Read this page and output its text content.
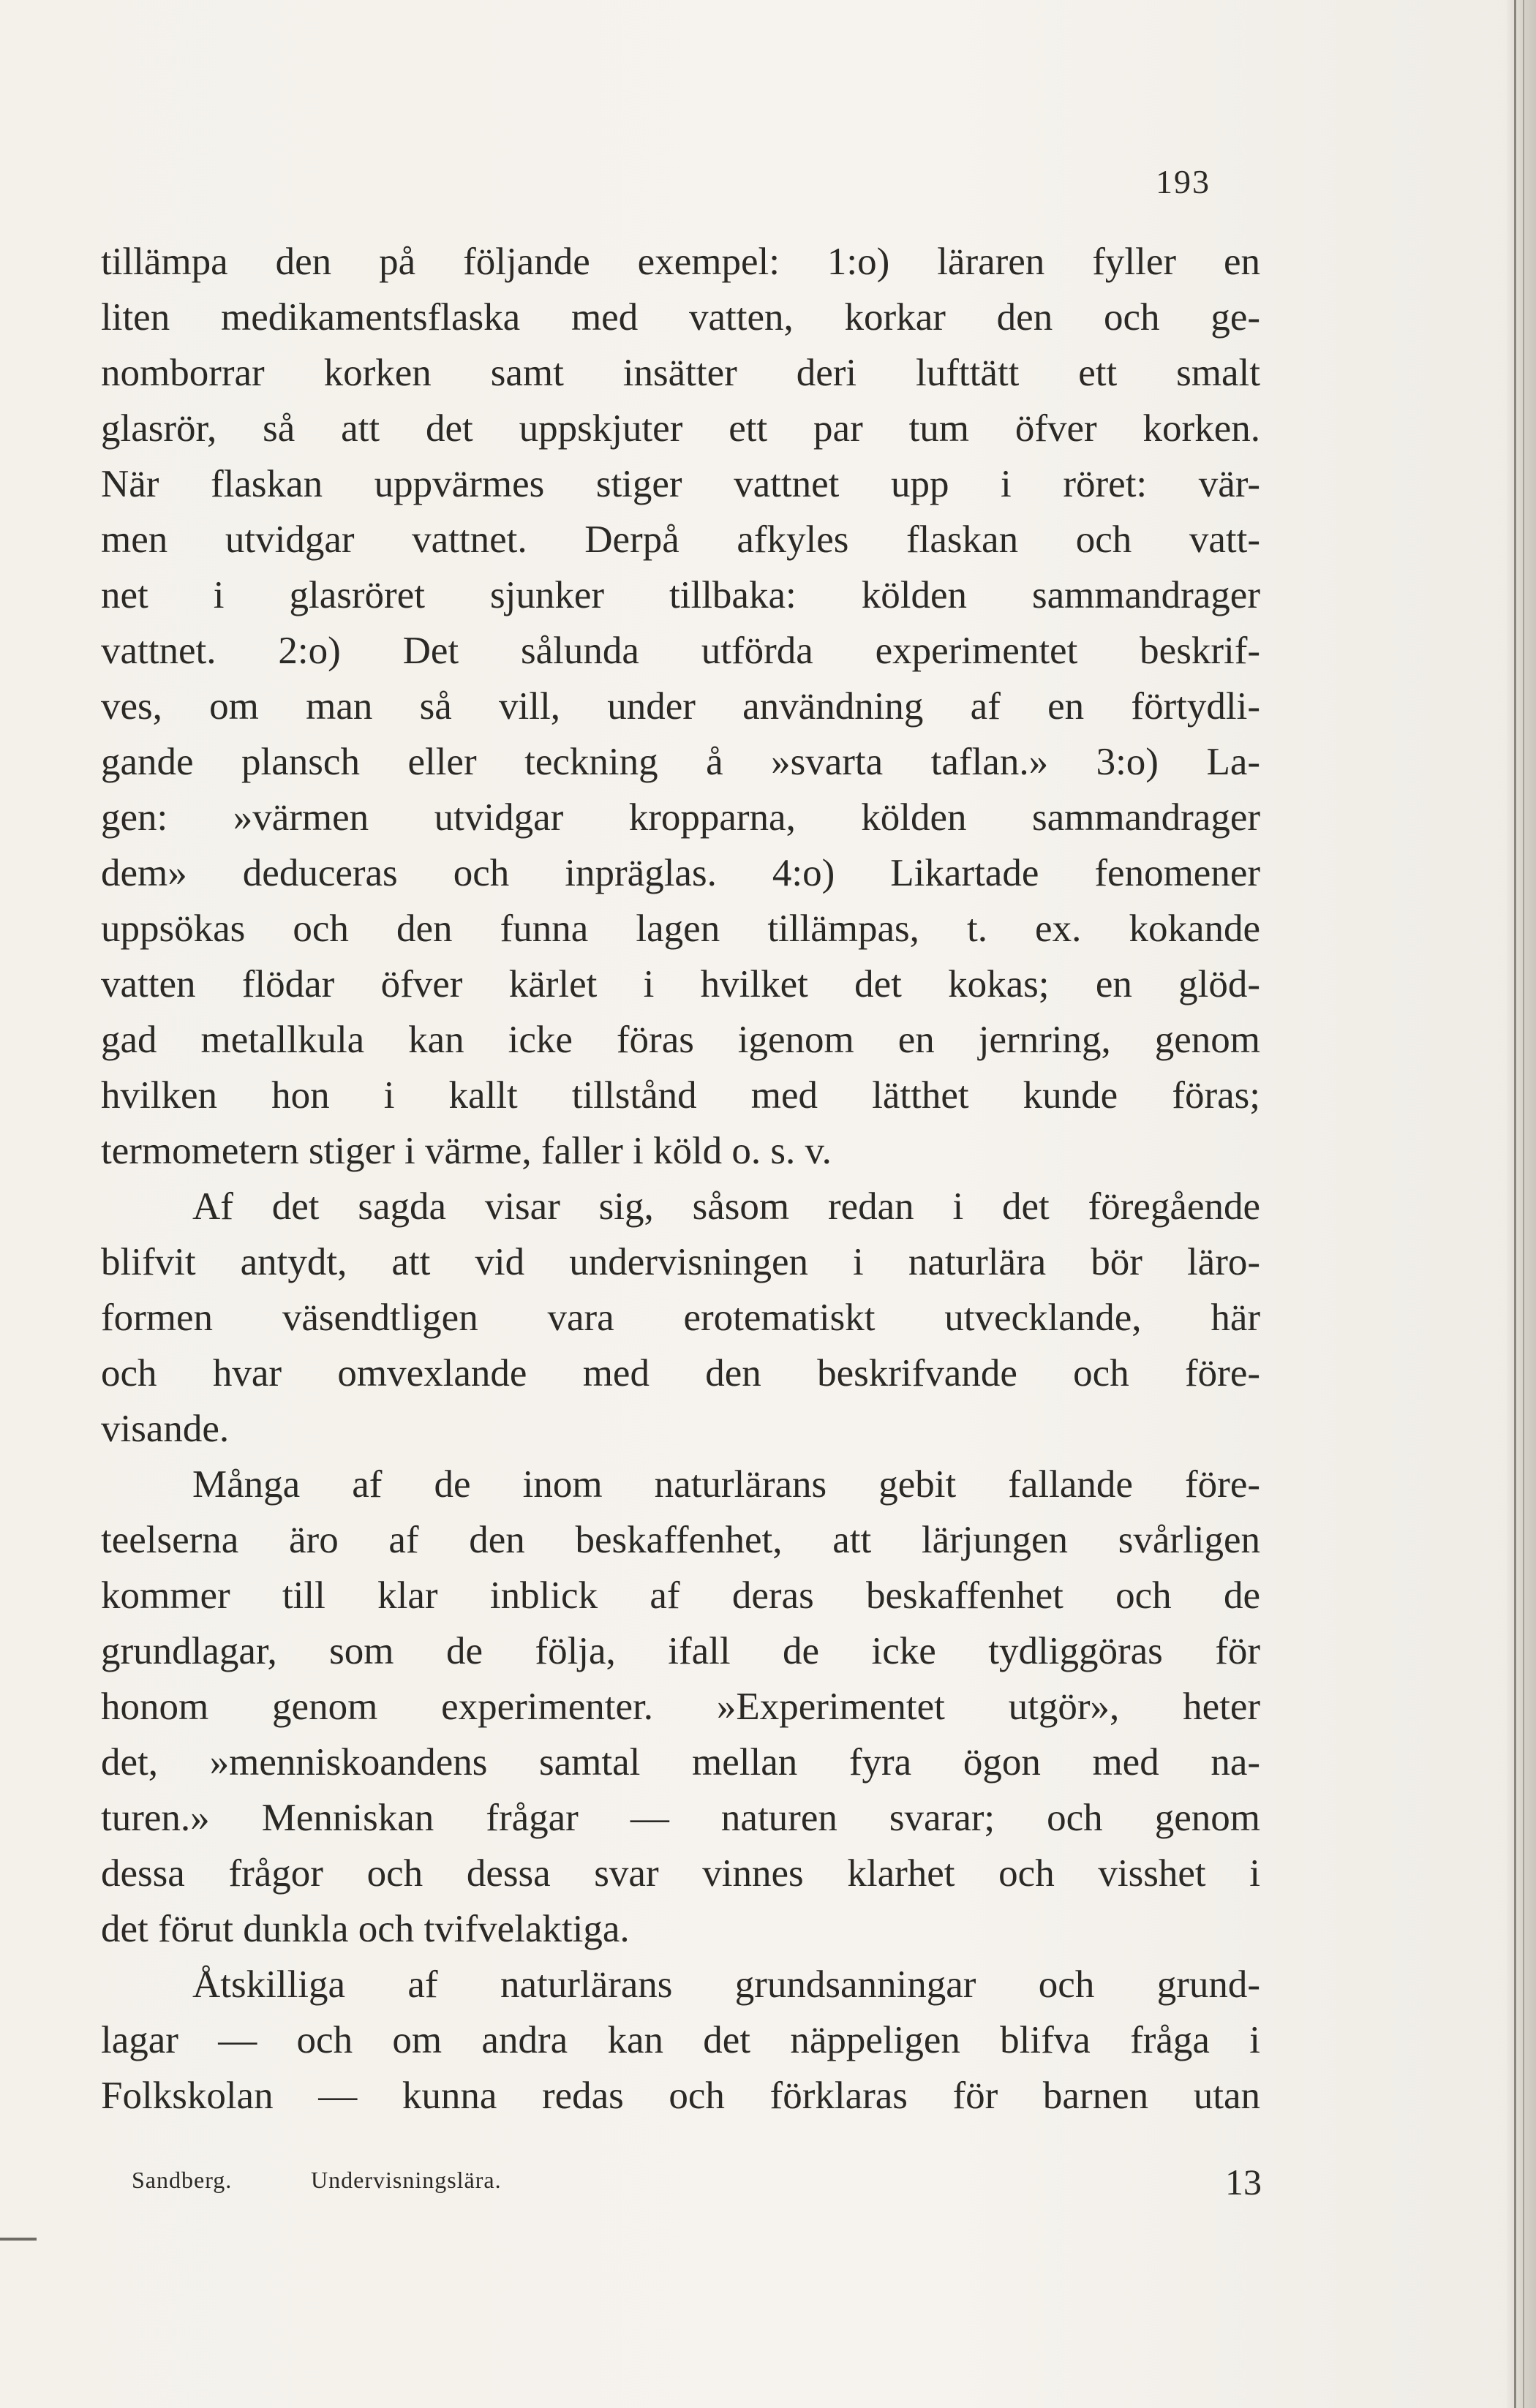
193
tillämpa den på följande exempel: 1:o) läraren fyller en
liten medikamentsflaska med vatten, korkar den och ge-
nomborrar korken samt insätter deri lufttätt ett smalt
glasrör, så att det uppskjuter ett par tum öfver korken.
När flaskan uppvärmes stiger vattnet upp i röret: vär-
men utvidgar vattnet. Derpå afkyles flaskan och vatt-
net i glasröret sjunker tillbaka: kölden sammandrager
vattnet. 2:o) Det sålunda utförda experimentet beskrif-
ves, om man så vill, under användning af en förtydli-
gande plansch eller teckning å »svarta taflan.» 3:o) La-
gen: »värmen utvidgar kropparna, kölden sammandrager
dem» deduceras och inpräglas. 4:o) Likartade fenomener
uppsökas och den funna lagen tillämpas, t. ex. kokande
vatten flödar öfver kärlet i hvilket det kokas; en glöd-
gad metallkula kan icke föras igenom en jernring, genom
hvilken hon i kallt tillstånd med lätthet kunde föras;
termometern stiger i värme, faller i köld o. s. v.
Af det sagda visar sig, såsom redan i det föregående
blifvit antydt, att vid undervisningen i naturlära bör läro-
formen väsendtligen vara erotematiskt utvecklande, här
och hvar omvexlande med den beskrifvande och före-
visande.
Många af de inom naturlärans gebit fallande före-
teelserna äro af den beskaffenhet, att lärjungen svårligen
kommer till klar inblick af deras beskaffenhet och de
grundlagar, som de följa, ifall de icke tydliggöras för
honom genom experimenter. »Experimentet utgör», heter
det, »menniskoandens samtal mellan fyra ögon med na-
turen.» Menniskan frågar — naturen svarar; och genom
dessa frågor och dessa svar vinnes klarhet och visshet i
det förut dunkla och tvifvelaktiga.
Åtskilliga af naturlärans grundsanningar och grund-
lagar — och om andra kan det näppeligen blifva fråga i
Folkskolan — kunna redas och förklaras för barnen utan
Sandberg.	Undervisningslära.	13
